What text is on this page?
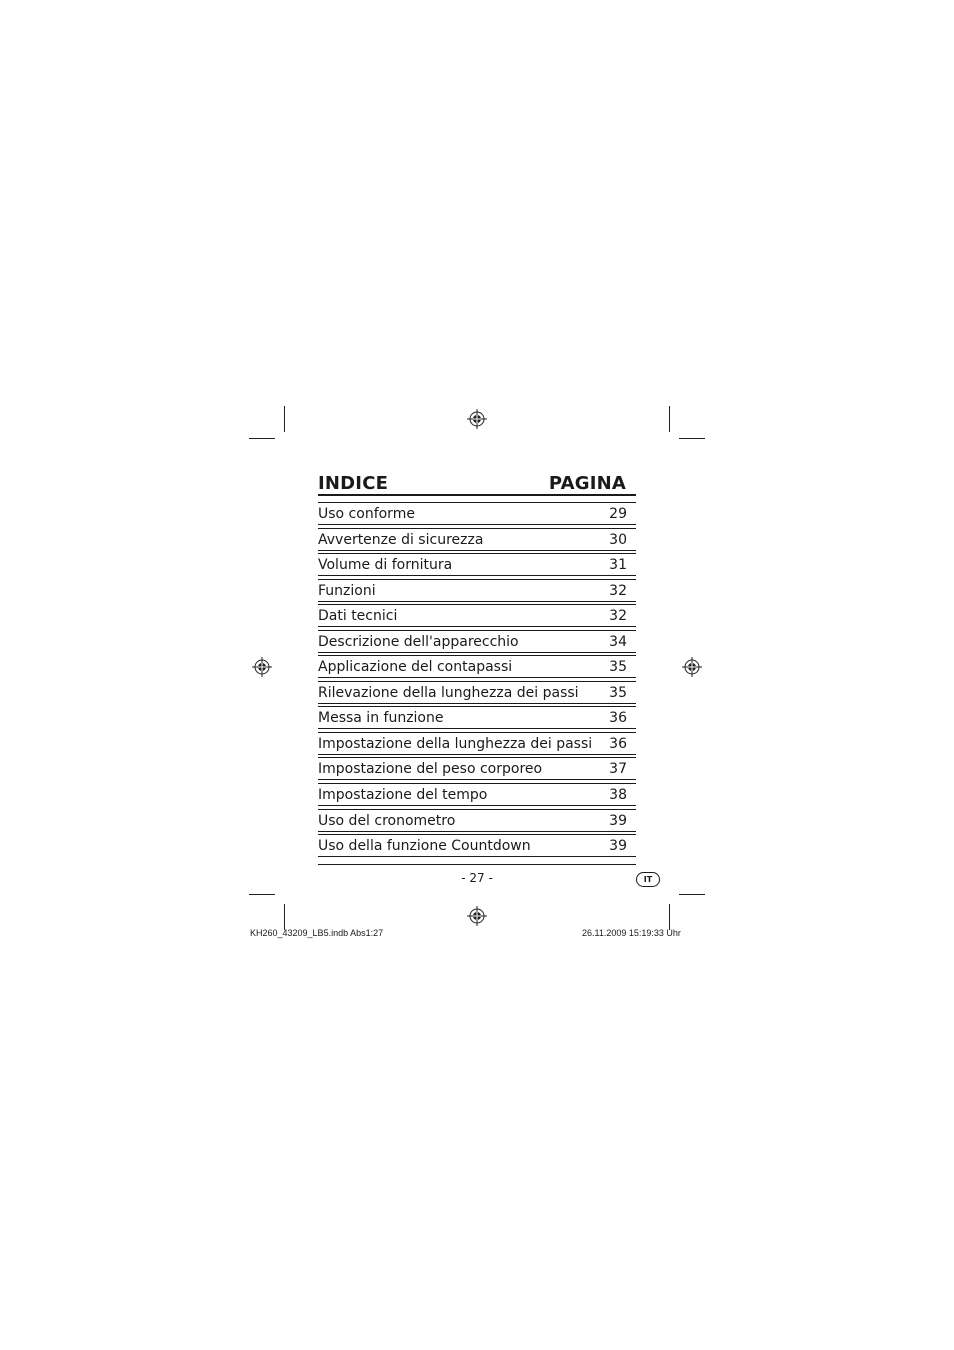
INDICE	PAGINA
Uso conforme	29
Avvertenze di sicurezza	30
Volume di fornitura	31
Funzioni	32
Dati tecnici	32
Descrizione dell'apparecchio	34
Applicazione del contapassi	35
Rilevazione della lunghezza dei passi 35
Messa in funzione	36
Impostazione della lunghezza dei passi 36
Impostazione del peso corporeo	37
Impostazione del tempo	38
Uso del cronometro	39
Uso della funzione Countdown	39
- 27 -	IT
KH260_43209_LB5.indb Abs1:27	26.11.2009 15:19:33 Uhr
